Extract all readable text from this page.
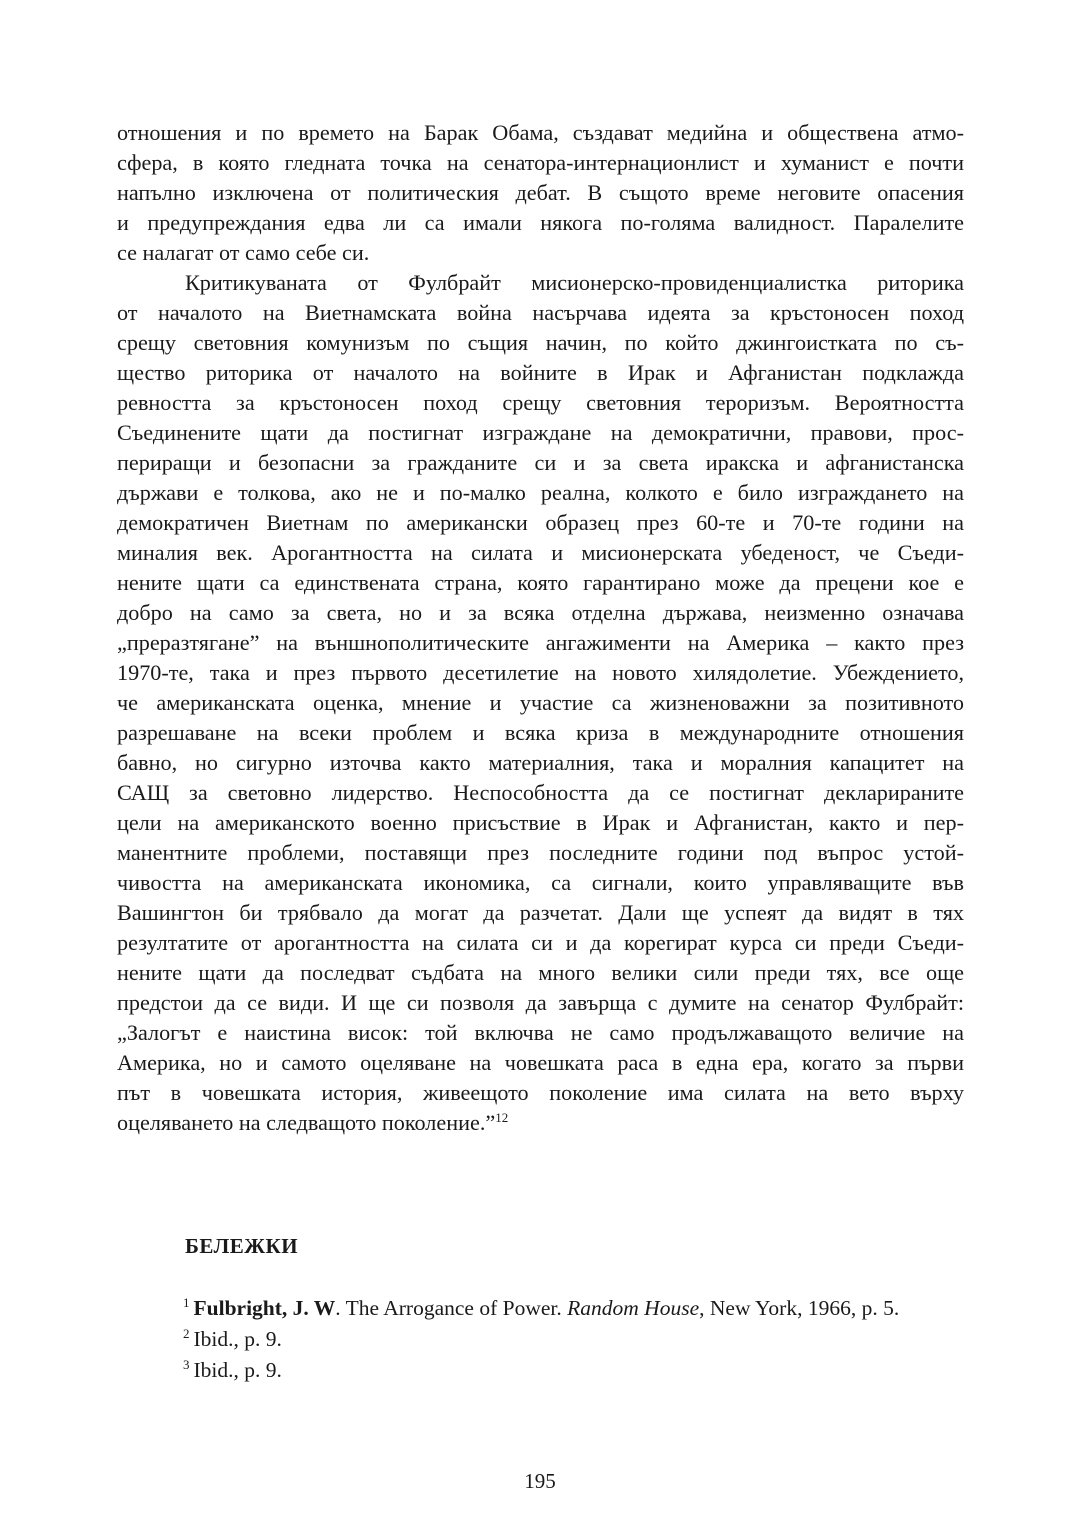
отношения и по времето на Барак Обама, създават медийна и обществена атмо-
сфера, в която гледната точка на сенатора-интернационлист и хуманист е почти
напълно изключена от политическия дебат. В същото време неговите опасения
и предупреждания едва ли са имали някога по-голяма валидност. Паралелите
се налагат от само себе си.

Критикуваната от Фулбрайт мисионерско-провиденциалистка риторика
от началото на Виетнамската война насърчава идеята за кръстоносен поход
срещу световния комунизъм по същия начин, по който джингоистката по съ-
щество риторика от началото на войните в Ирак и Афганистан подклажда
ревността за кръстоносен поход срещу световния тероризъм. Вероятността
Съединените щати да постигнат изграждане на демократични, правови, прос-
периращи и безопасни за гражданите си и за света иракска и афганистанска
държави е толкова, ако не и по-малко реална, колкото е било изграждането на
демократичен Виетнам по американски образец през 60-те и 70-те години на
миналия век. Арогантността на силата и мисионерската убеденост, че Съеди-
нените щати са единствената страна, която гарантирано може да прецени кое е
добро на само за света, но и за всяка отделна държава, неизменно означава
„преразтягане” на външнополитическите ангажименти на Америка – както през
1970-те, така и през първото десетилетие на новото хилядолетие. Убеждението,
че американската оценка, мнение и участие са жизненоважни за позитивното
разрешаване на всеки проблем и всяка криза в международните отношения
бавно, но сигурно източва както материалния, така и моралния капацитет на
САЩ за световно лидерство. Неспособността да се постигнат декларираните
цели на американското военно присъствие в Ирак и Афганистан, както и пер-
манентните проблеми, поставящи през последните години под въпрос устой-
чивостта на американската икономика, са сигнали, които управляващите във
Вашингтон би трябвало да могат да разчетат. Дали ще успеят да видят в тях
резултатите от арогантността на силата си и да корегират курса си преди Съеди-
нените щати да последват съдбата на много велики сили преди тях, все още
предстои да се види. И ще си позволя да завърща с думите на сенатор Фулбрайт:
„Залогът е наистина висок: той включва не само продължаващото величие на
Америка, но и самото оцеляване на човешката раса в една ера, когато за първи
път в човешката история, живеещото поколение има силата на вето върху
оцеляването на следващото поколение.”$^{12}$

БЕЛЕЖКИ
$^1$ Fulbright, J. W. The Arrogance of Power. Random House, New York, 1966, p. 5.
$^2$ Ibid., p. 9.
$^3$ Ibid., p. 9.
195
